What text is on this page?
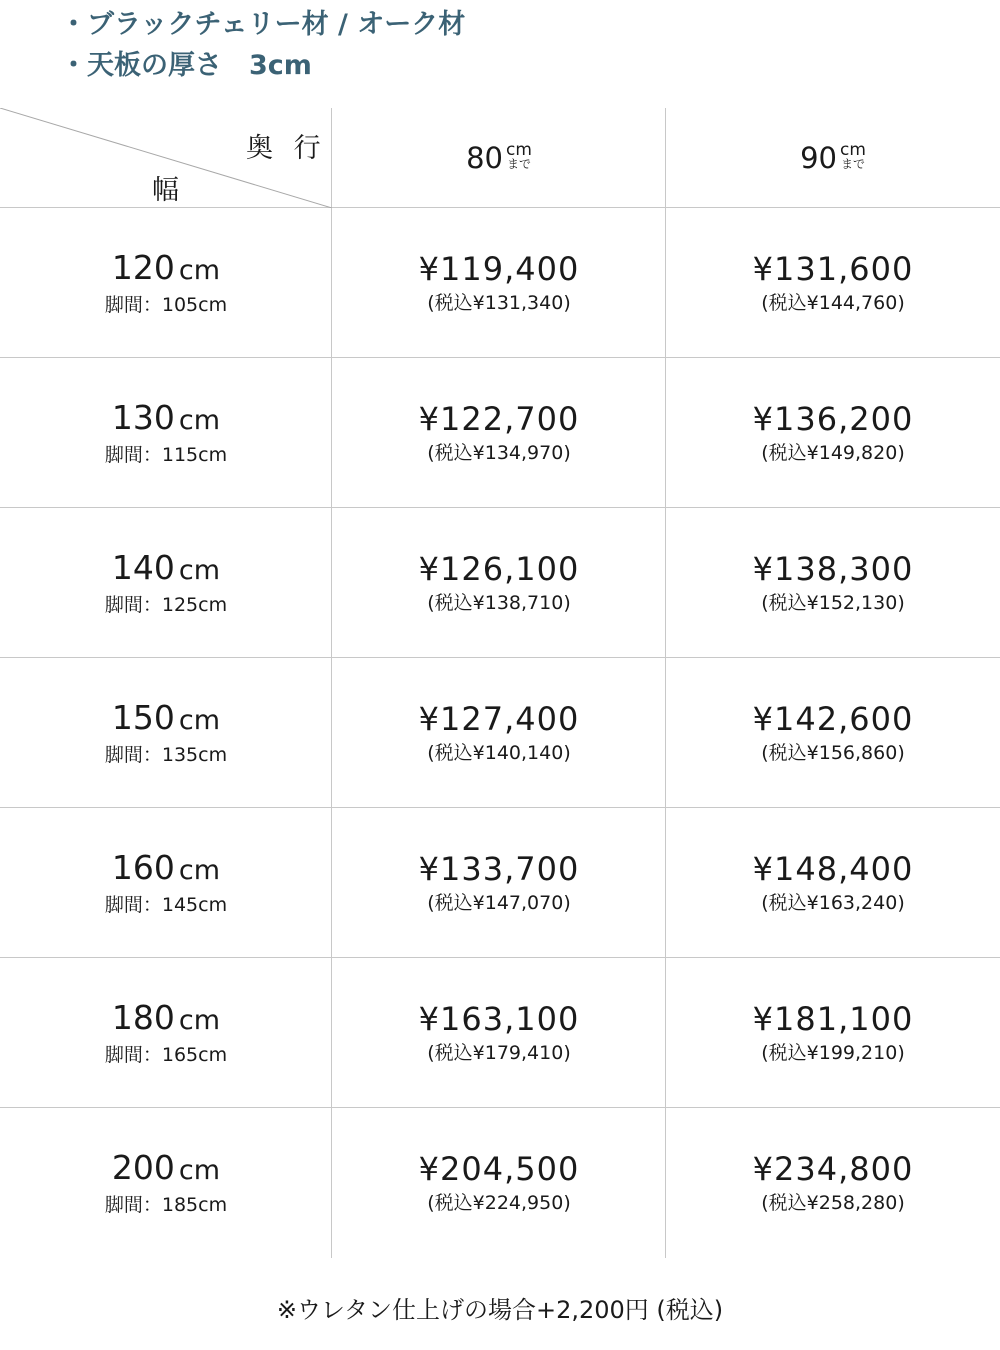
・ブラックチェリー材 / オーク材
・天板の厚さ　3cm
奥 行
幅
80 cm
まで	90 cm
まで
120 cm
脚間：105cm
¥119,400
(税込¥131,340)
¥131,600
(税込¥144,760)
130 cm
脚間：115cm
¥122,700
(税込¥134,970)
¥136,200
(税込¥149,820)
140 cm
脚間：125cm
¥126,100
(税込¥138,710)
¥138,300
(税込¥152,130)
150 cm
脚間：135cm
¥127,400
(税込¥140,140)
¥142,600
(税込¥156,860)
160 cm
脚間：145cm
¥133,700
(税込¥147,070)
¥148,400
(税込¥163,240)
180 cm
脚間：165cm
¥163,100
(税込¥179,410)
¥181,100
(税込¥199,210)
200 cm
脚間：185cm
¥204,500
(税込¥224,950)
¥234,800
(税込¥258,280)
※ウレタン仕上げの場合+2,200円 (税込)
